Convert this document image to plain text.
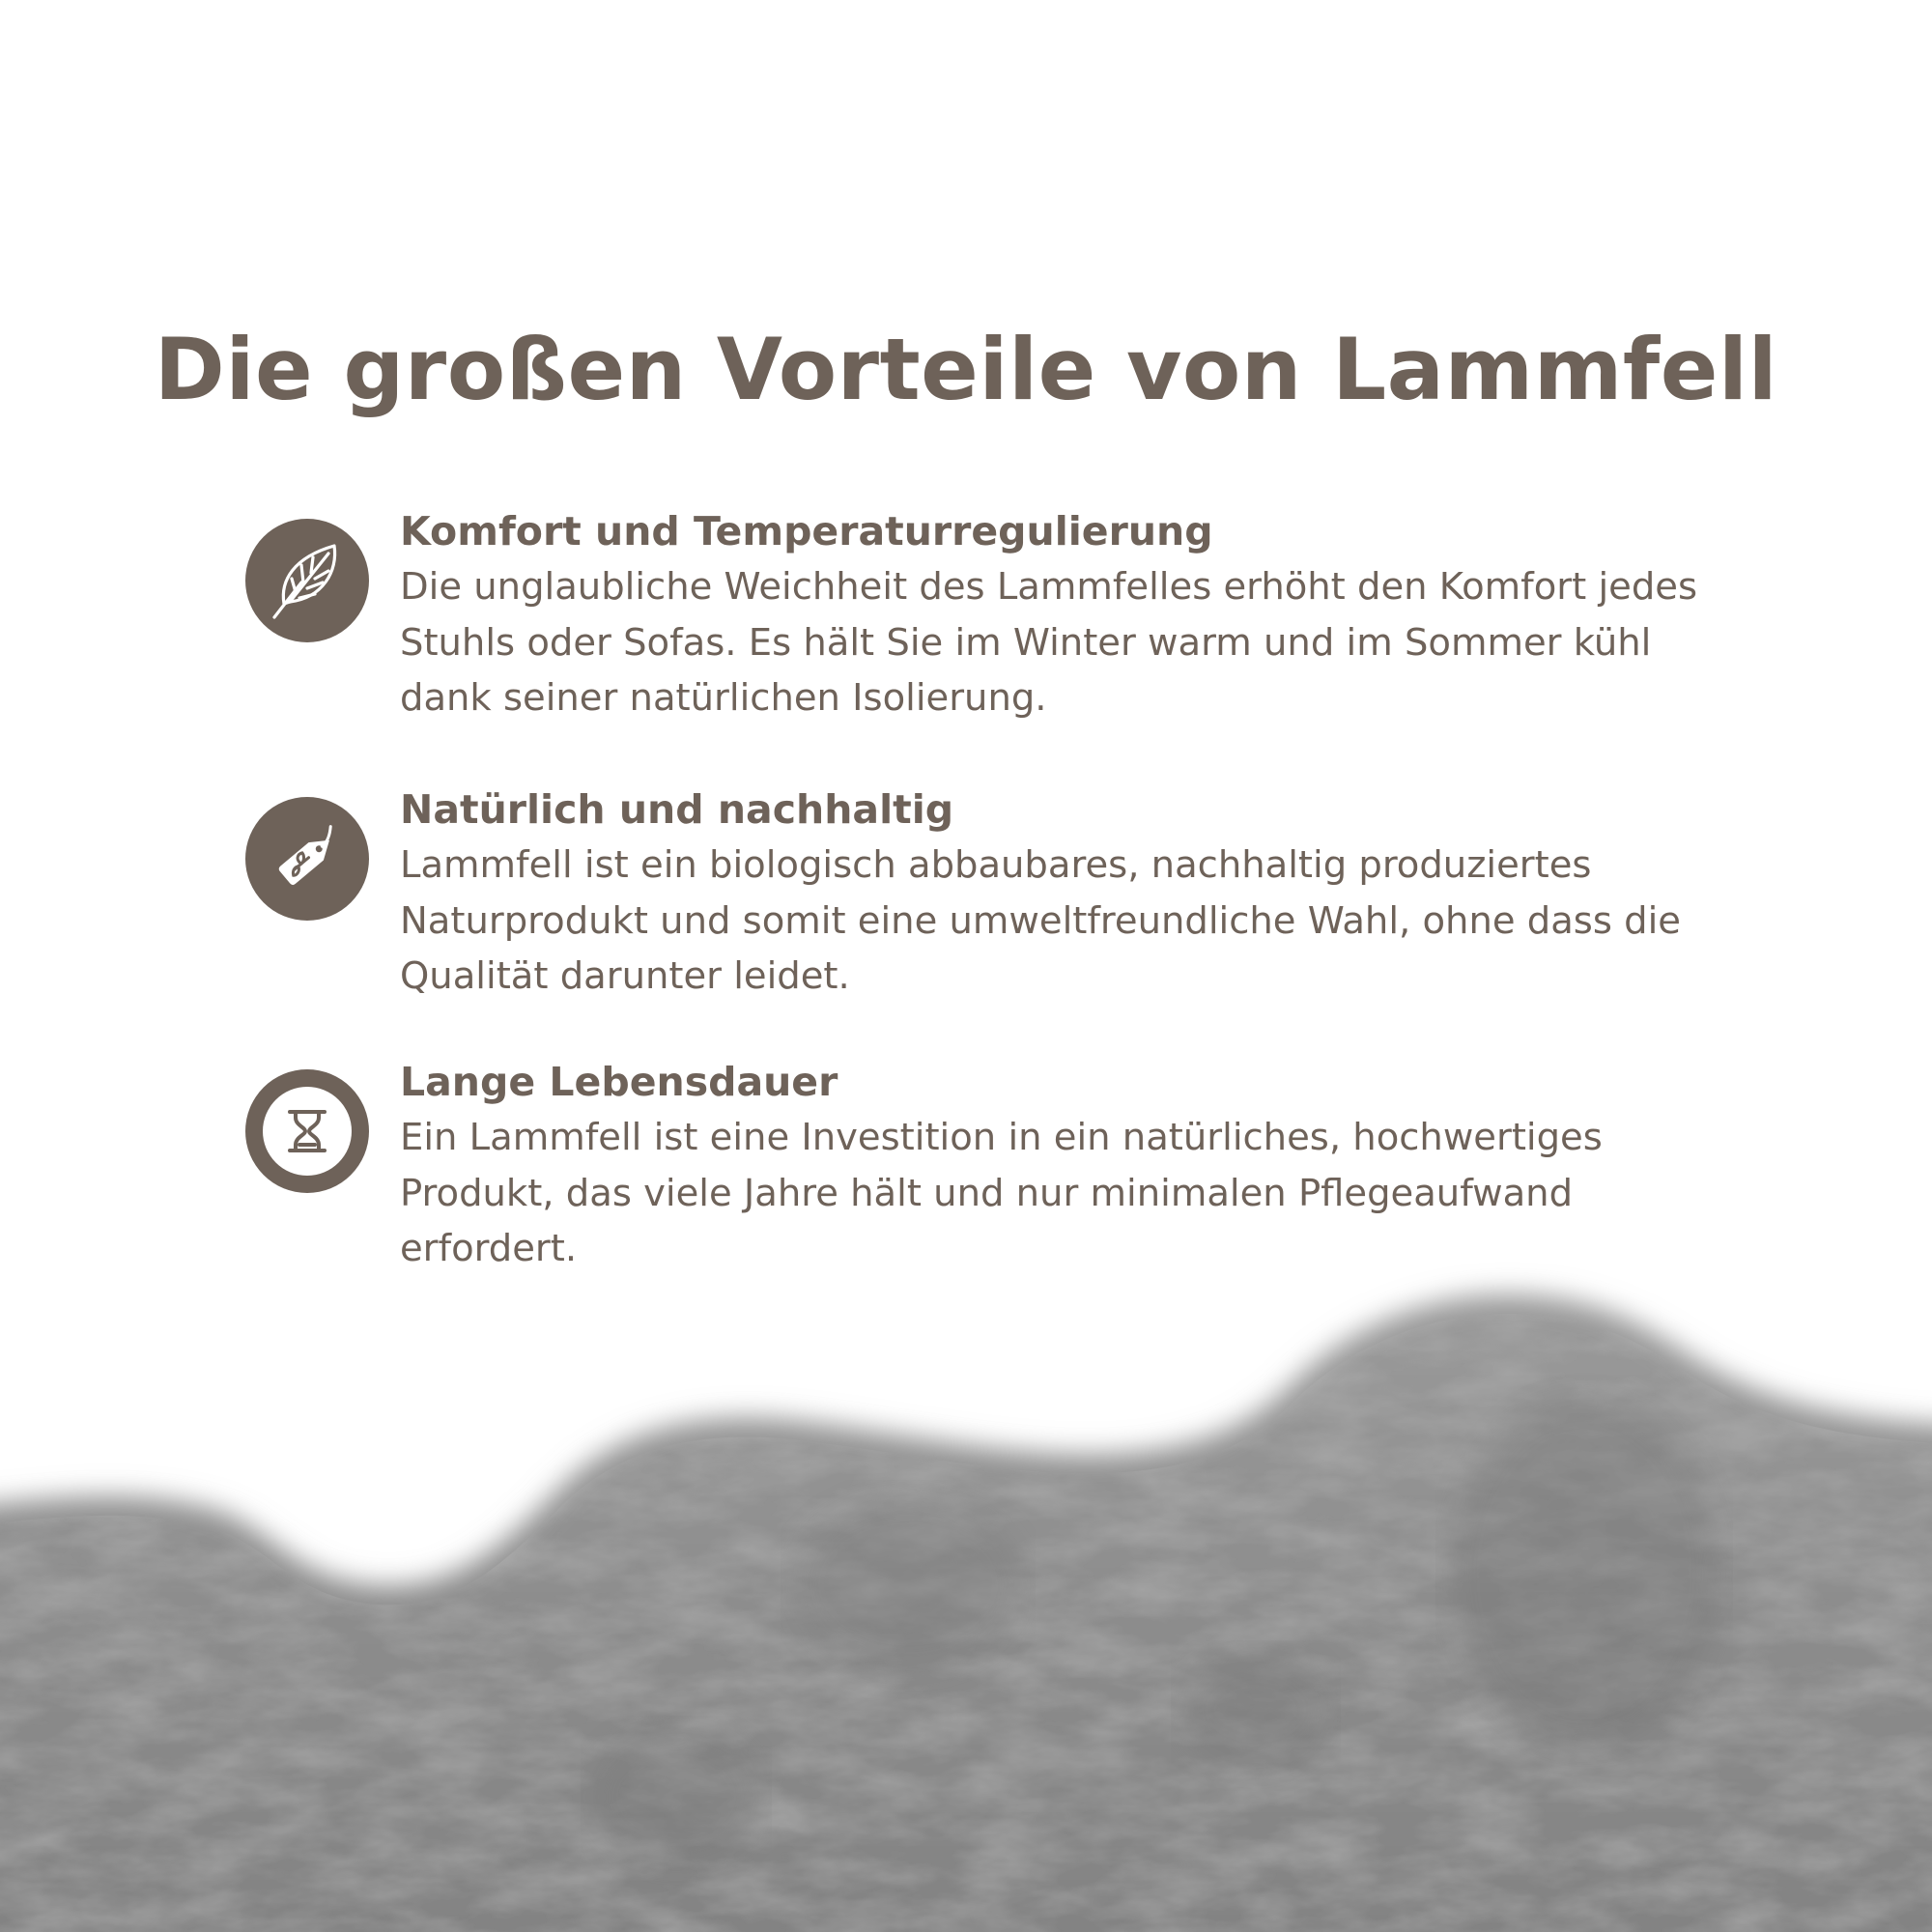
Die großen Vorteile von Lammfell
Komfort und Temperaturregulierung

Die unglaubliche Weichheit des Lammfelles erhöht den Komfort jedes Stuhls oder Sofas. Es hält Sie im Winter warm und im Sommer kühl dank seiner natürlichen Isolierung.

Natürlich und nachhaltig

Lammfell ist ein biologisch abbaubares, nachhaltig produziertes Naturprodukt und somit eine umweltfreundliche Wahl, ohne dass die Qualität darunter leidet.

Lange Lebensdauer

Ein Lammfell ist eine Investition in ein natürliches, hochwertiges Produkt, das viele Jahre hält und nur minimalen Pflegeaufwand erfordert.
